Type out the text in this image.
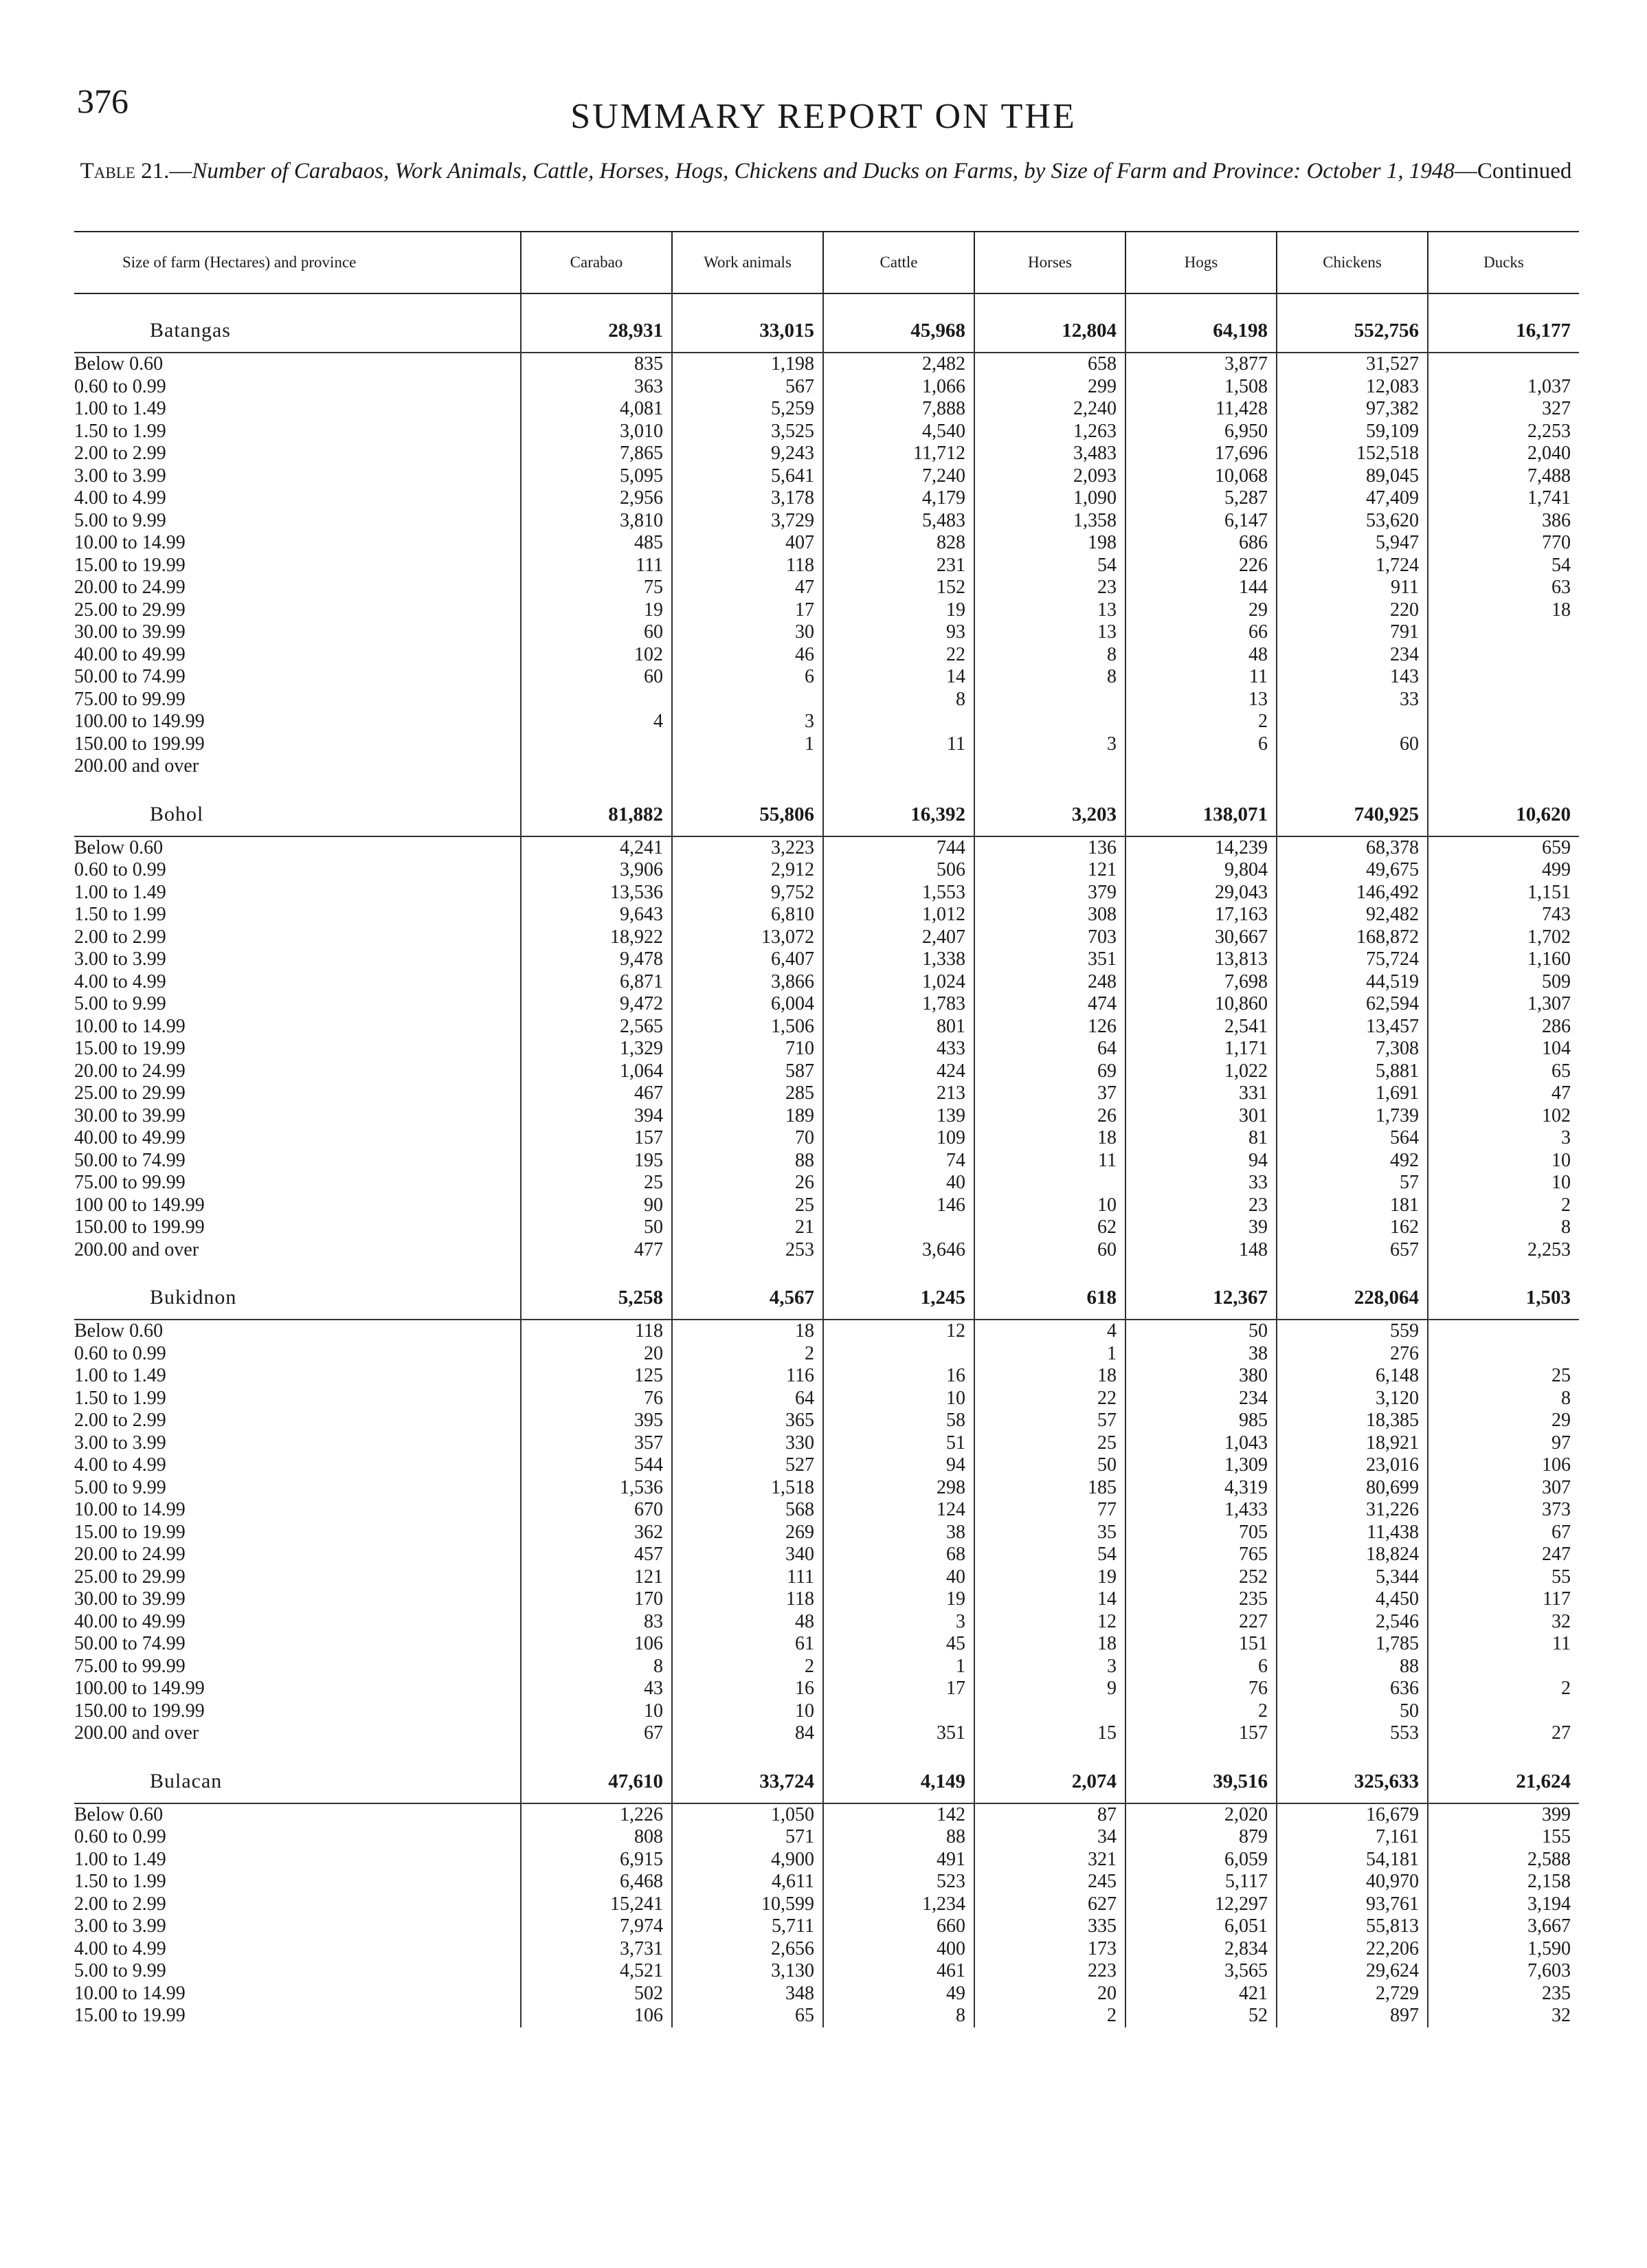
376	SUMMARY REPORT ON THE
Table 21.—Number of Carabaos, Work Animals, Cattle, Horses, Hogs, Chickens and Ducks on Farms, by Size of Farm and Province: October 1, 1948—Continued
Size of farm (Hectares) and province	Carabao	Work animals	Cattle	Horses	Hogs	Chickens	Ducks

Batangas	28,931	33,015	45,968	12,804	64,198	552,756	16,177
Below 0.60	835	1,198	2,482	658	3,877	31,527	
0.60 to 0.99	363	567	1,066	299	1,508	12,083	1,037
1.00 to 1.49	4,081	5,259	7,888	2,240	11,428	97,382	327
1.50 to 1.99	3,010	3,525	4,540	1,263	6,950	59,109	2,253
2.00 to 2.99	7,865	9,243	11,712	3,483	17,696	152,518	2,040
3.00 to 3.99	5,095	5,641	7,240	2,093	10,068	89,045	7,488
4.00 to 4.99	2,956	3,178	4,179	1,090	5,287	47,409	1,741
5.00 to 9.99	3,810	3,729	5,483	1,358	6,147	53,620	386
10.00 to 14.99	485	407	828	198	686	5,947	770
15.00 to 19.99	111	118	231	54	226	1,724	54
20.00 to 24.99	75	47	152	23	144	911	63
25.00 to 29.99	19	17	19	13	29	220	18
30.00 to 39.99	60	30	93	13	66	791	
40.00 to 49.99	102	46	22	8	48	234	
50.00 to 74.99	60	6	14	8	11	143	
75.00 to 99.99			8		13	33	
100.00 to 149.99	4	3			2		
150.00 to 199.99		1	11	3	6	60	
200.00 and over							

Bohol	81,882	55,806	16,392	3,203	138,071	740,925	10,620
Below 0.60	4,241	3,223	744	136	14,239	68,378	659
0.60 to 0.99	3,906	2,912	506	121	9,804	49,675	499
1.00 to 1.49	13,536	9,752	1,553	379	29,043	146,492	1,151
1.50 to 1.99	9,643	6,810	1,012	308	17,163	92,482	743
2.00 to 2.99	18,922	13,072	2,407	703	30,667	168,872	1,702
3.00 to 3.99	9,478	6,407	1,338	351	13,813	75,724	1,160
4.00 to 4.99	6,871	3,866	1,024	248	7,698	44,519	509
5.00 to 9.99	9,472	6,004	1,783	474	10,860	62,594	1,307
10.00 to 14.99	2,565	1,506	801	126	2,541	13,457	286
15.00 to 19.99	1,329	710	433	64	1,171	7,308	104
20.00 to 24.99	1,064	587	424	69	1,022	5,881	65
25.00 to 29.99	467	285	213	37	331	1,691	47
30.00 to 39.99	394	189	139	26	301	1,739	102
40.00 to 49.99	157	70	109	18	81	564	3
50.00 to 74.99	195	88	74	11	94	492	10
75.00 to 99.99	25	26	40		33	57	10
100 00 to 149.99	90	25	146	10	23	181	2
150.00 to 199.99	50	21		62	39	162	8
200.00 and over	477	253	3,646	60	148	657	2,253

Bukidnon	5,258	4,567	1,245	618	12,367	228,064	1,503
Below 0.60	118	18	12	4	50	559	
0.60 to 0.99	20	2		1	38	276	
1.00 to 1.49	125	116	16	18	380	6,148	25
1.50 to 1.99	76	64	10	22	234	3,120	8
2.00 to 2.99	395	365	58	57	985	18,385	29
3.00 to 3.99	357	330	51	25	1,043	18,921	97
4.00 to 4.99	544	527	94	50	1,309	23,016	106
5.00 to 9.99	1,536	1,518	298	185	4,319	80,699	307
10.00 to 14.99	670	568	124	77	1,433	31,226	373
15.00 to 19.99	362	269	38	35	705	11,438	67
20.00 to 24.99	457	340	68	54	765	18,824	247
25.00 to 29.99	121	111	40	19	252	5,344	55
30.00 to 39.99	170	118	19	14	235	4,450	117
40.00 to 49.99	83	48	3	12	227	2,546	32
50.00 to 74.99	106	61	45	18	151	1,785	11
75.00 to 99.99	8	2	1	3	6	88	
100.00 to 149.99	43	16	17	9	76	636	2
150.00 to 199.99	10	10			2	50	
200.00 and over	67	84	351	15	157	553	27

Bulacan	47,610	33,724	4,149	2,074	39,516	325,633	21,624
Below 0.60	1,226	1,050	142	87	2,020	16,679	399
0.60 to 0.99	808	571	88	34	879	7,161	155
1.00 to 1.49	6,915	4,900	491	321	6,059	54,181	2,588
1.50 to 1.99	6,468	4,611	523	245	5,117	40,970	2,158
2.00 to 2.99	15,241	10,599	1,234	627	12,297	93,761	3,194
3.00 to 3.99	7,974	5,711	660	335	6,051	55,813	3,667
4.00 to 4.99	3,731	2,656	400	173	2,834	22,206	1,590
5.00 to 9.99	4,521	3,130	461	223	3,565	29,624	7,603
10.00 to 14.99	502	348	49	20	421	2,729	235
15.00 to 19.99	106	65	8	2	52	897	32
